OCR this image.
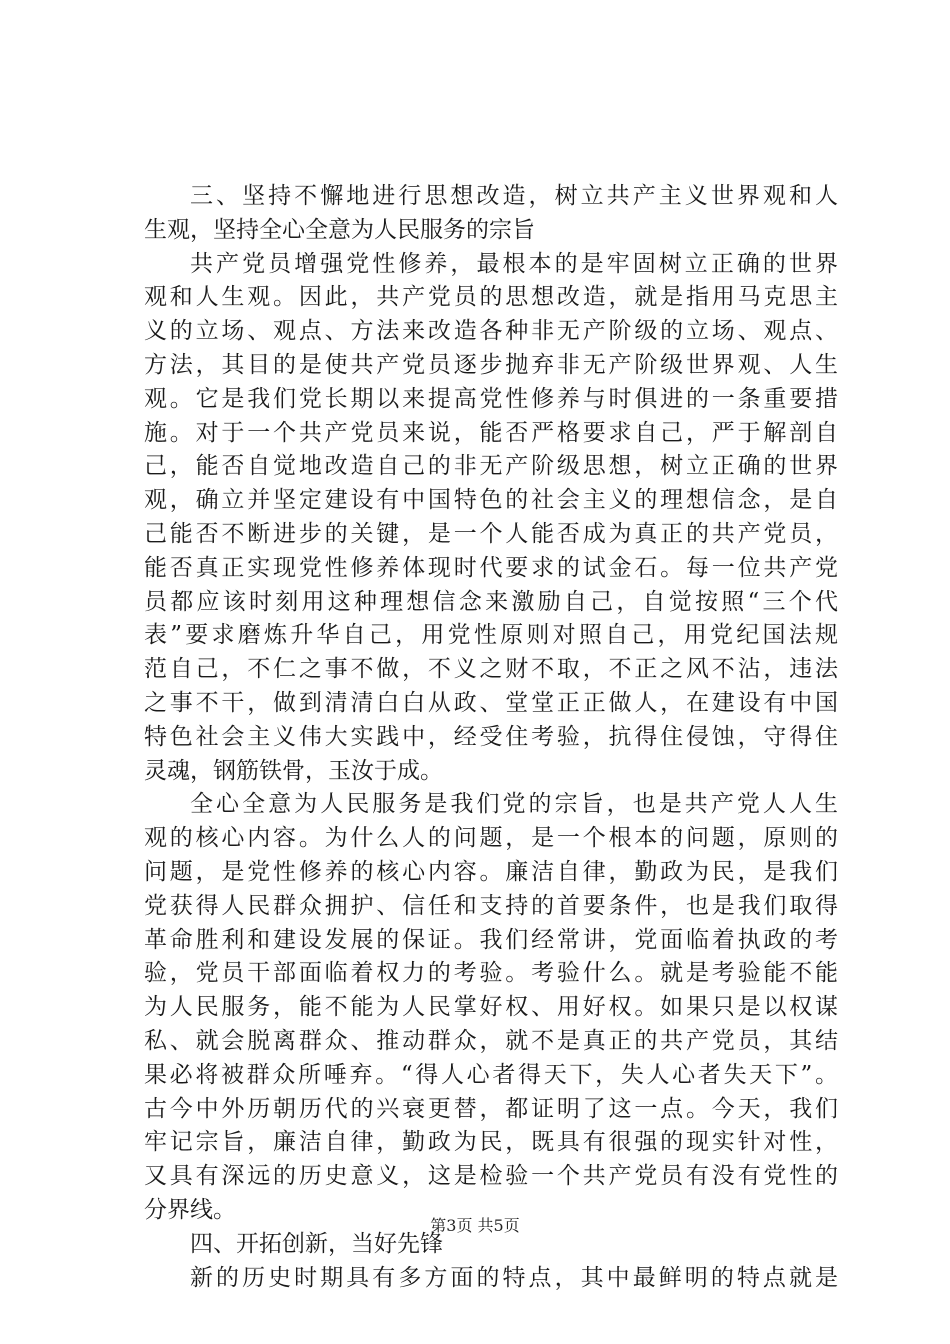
三、坚持不懈地进行思想改造，树立共产主义世界观和人
生观，坚持全心全意为人民服务的宗旨
共产党员增强党性修养，最根本的是牢固树立正确的世界
观和人生观。因此，共产党员的思想改造，就是指用马克思主
义的立场、观点、方法来改造各种非无产阶级的立场、观点、
方法，其目的是使共产党员逐步抛弃非无产阶级世界观、人生
观。它是我们党长期以来提高党性修养与时俱进的一条重要措
施。对于一个共产党员来说，能否严格要求自己，严于解剖自
己，能否自觉地改造自己的非无产阶级思想，树立正确的世界
观，确立并坚定建设有中国特色的社会主义的理想信念，是自
己能否不断进步的关键，是一个人能否成为真正的共产党员，
能否真正实现党性修养体现时代要求的试金石。每一位共产党
员都应该时刻用这种理想信念来激励自己，自觉按照“三个代
表”要求磨炼升华自己，用党性原则对照自己，用党纪国法规
范自己，不仁之事不做，不义之财不取，不正之风不沾，违法
之事不干，做到清清白白从政、堂堂正正做人，在建设有中国
特色社会主义伟大实践中，经受住考验，抗得住侵蚀，守得住
灵魂，钢筋铁骨，玉汝于成。
全心全意为人民服务是我们党的宗旨，也是共产党人人生
观的核心内容。为什么人的问题，是一个根本的问题，原则的
问题，是党性修养的核心内容。廉洁自律，勤政为民，是我们
党获得人民群众拥护、信任和支持的首要条件，也是我们取得
革命胜利和建设发展的保证。我们经常讲，党面临着执政的考
验，党员干部面临着权力的考验。考验什么。就是考验能不能
为人民服务，能不能为人民掌好权、用好权。如果只是以权谋
私、就会脱离群众、推动群众，就不是真正的共产党员，其结
果必将被群众所唾弃。“得人心者得天下，失人心者失天下”。
古今中外历朝历代的兴衰更替，都证明了这一点。今天，我们
牢记宗旨，廉洁自律，勤政为民，既具有很强的现实针对性，
又具有深远的历史意义，这是检验一个共产党员有没有党性的
分界线。
四、开拓创新，当好先锋
新的历史时期具有多方面的特点，其中最鲜明的特点就是
第3页 共5页
